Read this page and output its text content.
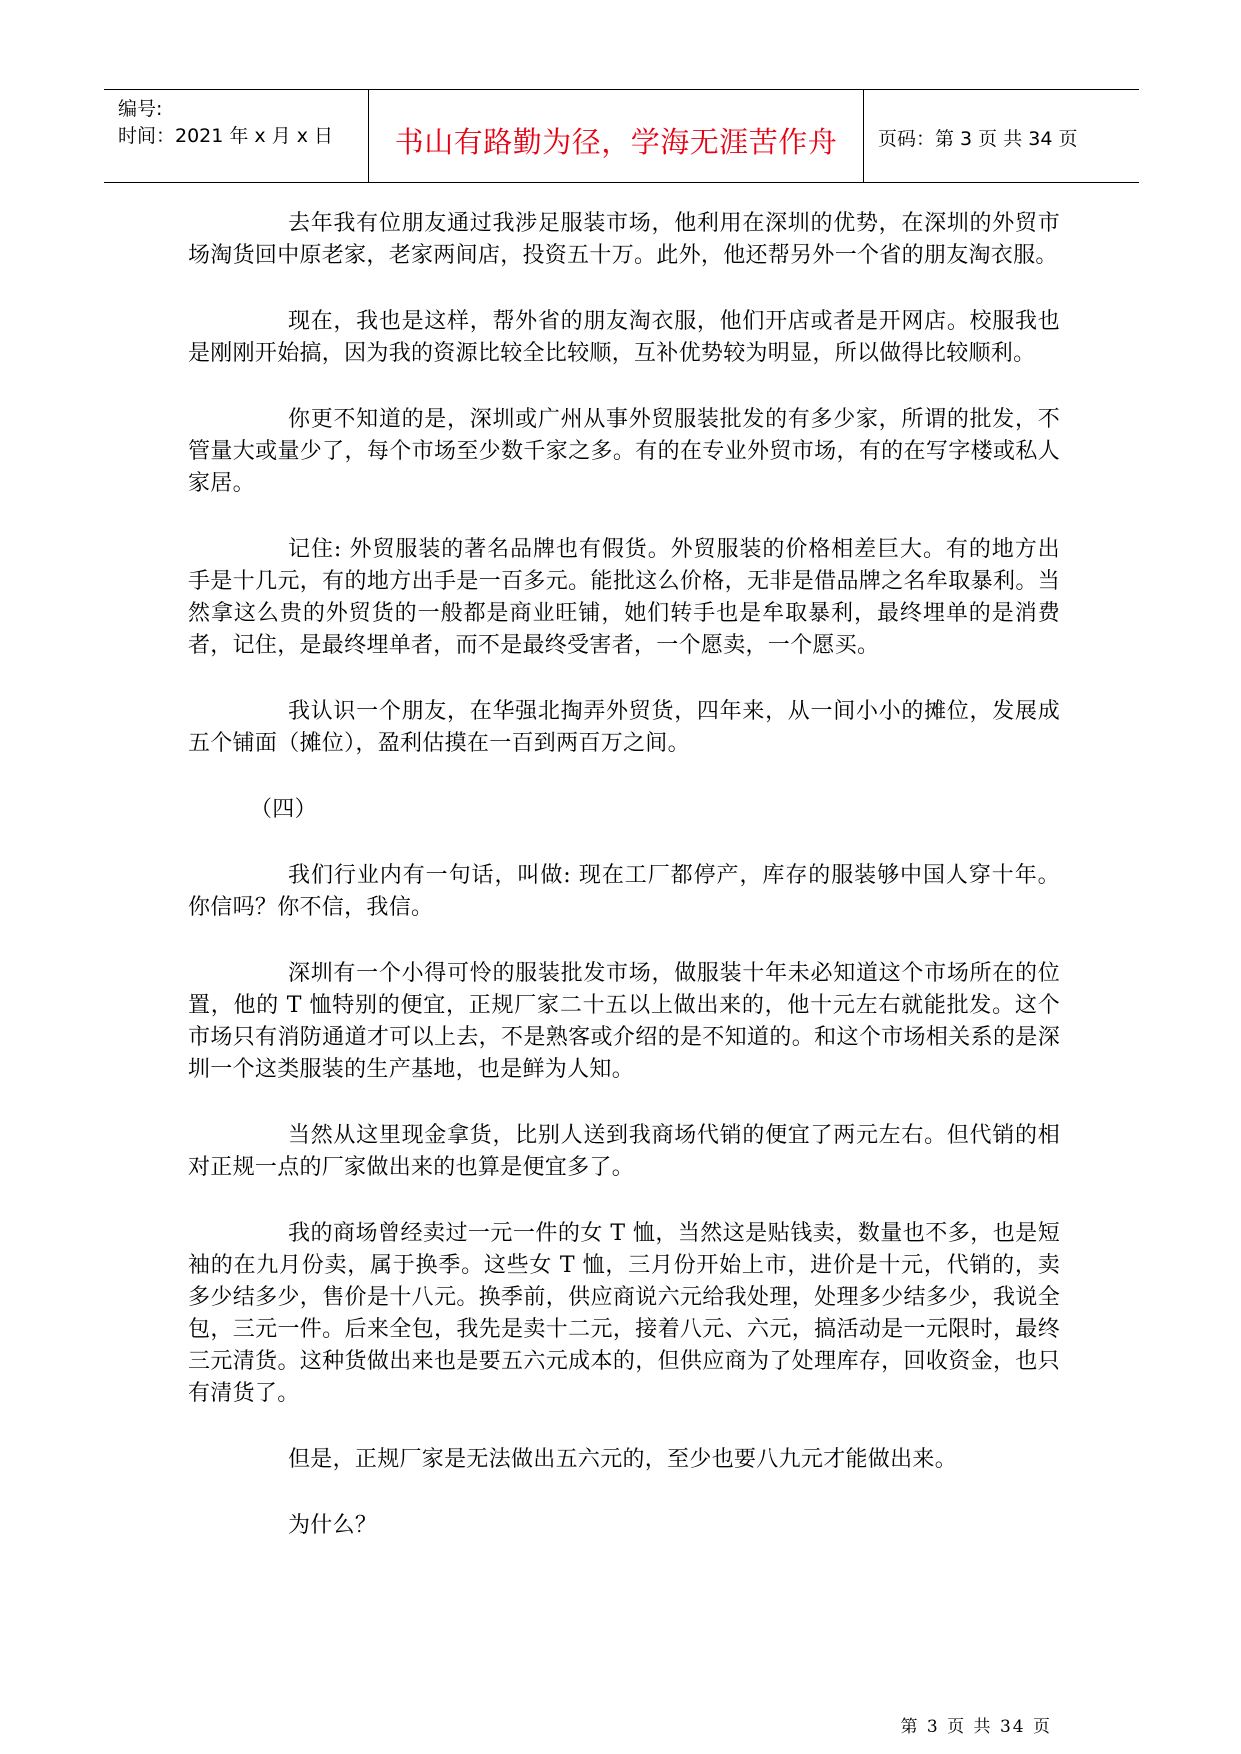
编号:
时间：2021 年 x 月 x 日	书山有路勤为径，学海无涯苦作舟	页码：第 3 页 共 34 页

去年我有位朋友通过我涉足服装市场，他利用在深圳的优势，在深圳的外贸市场淘货回中原老家，老家两间店，投资五十万。此外，他还帮另外一个省的朋友淘衣服。

现在，我也是这样，帮外省的朋友淘衣服，他们开店或者是开网店。校服我也是刚刚开始搞，因为我的资源比较全比较顺，互补优势较为明显，所以做得比较顺利。

你更不知道的是，深圳或广州从事外贸服装批发的有多少家，所谓的批发，不管量大或量少了，每个市场至少数千家之多。有的在专业外贸市场，有的在写字楼或私人家居。

记住: 外贸服装的著名品牌也有假货。外贸服装的价格相差巨大。有的地方出手是十几元，有的地方出手是一百多元。能批这么价格，无非是借品牌之名牟取暴利。当然拿这么贵的外贸货的一般都是商业旺铺，她们转手也是牟取暴利，最终埋单的是消费者，记住，是最终埋单者，而不是最终受害者，一个愿卖，一个愿买。

我认识一个朋友，在华强北掏弄外贸货，四年来，从一间小小的摊位，发展成五个铺面（摊位），盈利估摸在一百到两百万之间。

（四）

我们行业内有一句话，叫做: 现在工厂都停产，库存的服装够中国人穿十年。你信吗？你不信，我信。

深圳有一个小得可怜的服装批发市场，做服装十年未必知道这个市场所在的位置，他的 T 恤特别的便宜，正规厂家二十五以上做出来的，他十元左右就能批发。这个市场只有消防通道才可以上去，不是熟客或介绍的是不知道的。和这个市场相关系的是深圳一个这类服装的生产基地，也是鲜为人知。

当然从这里现金拿货，比别人送到我商场代销的便宜了两元左右。但代销的相对正规一点的厂家做出来的也算是便宜多了。

我的商场曾经卖过一元一件的女 T 恤，当然这是贴钱卖，数量也不多，也是短袖的在九月份卖，属于换季。这些女 T 恤，三月份开始上市，进价是十元，代销的，卖多少结多少，售价是十八元。换季前，供应商说六元给我处理，处理多少结多少，我说全包，三元一件。后来全包，我先是卖十二元，接着八元、六元，搞活动是一元限时，最终三元清货。这种货做出来也是要五六元成本的，但供应商为了处理库存，回收资金，也只有清货了。

但是，正规厂家是无法做出五六元的，至少也要八九元才能做出来。

为什么？

第 3 页 共 34 页
